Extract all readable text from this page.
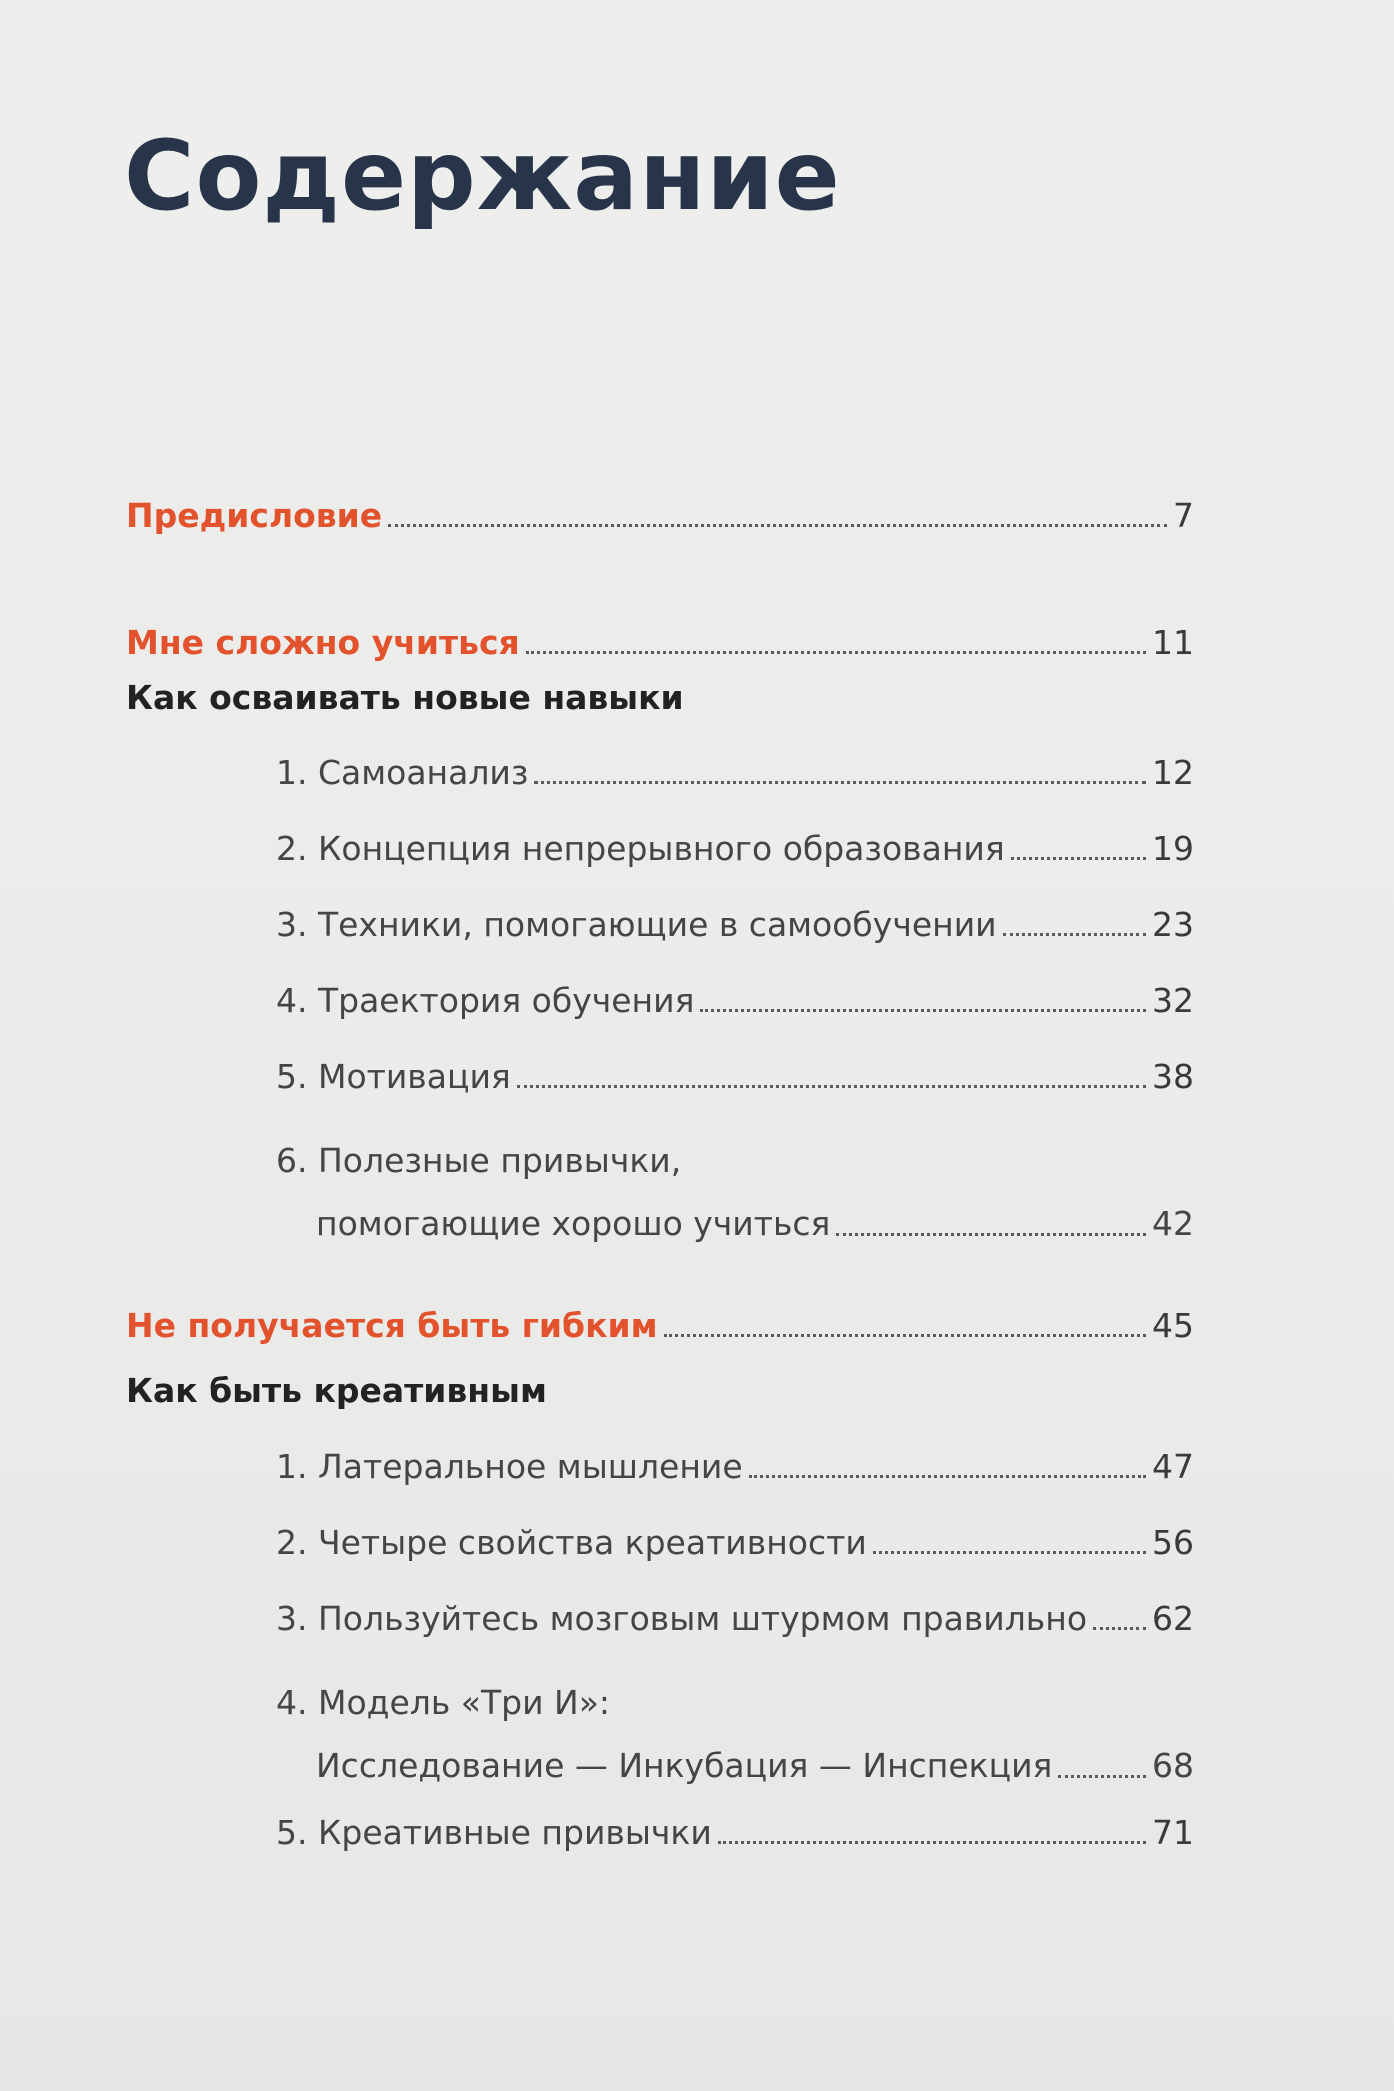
Содержание
Предисловие	7
Мне сложно учиться	11
Как осваивать новые навыки
1. Самоанализ	12
2. Концепция непрерывного образования	19
3. Техники, помогающие в самообучении	23
4. Траектория обучения	32
5. Мотивация	38
6. Полезные привычки,
помогающие хорошо учиться	42
Не получается быть гибким	45
Как быть креативным
1. Латеральное мышление	47
2. Четыре свойства креативности	56
3. Пользуйтесь мозговым штурмом правильно 62
4. Модель «Три И»:
Исследование — Инкубация — Инспекция	68
5. Креативные привычки	71
